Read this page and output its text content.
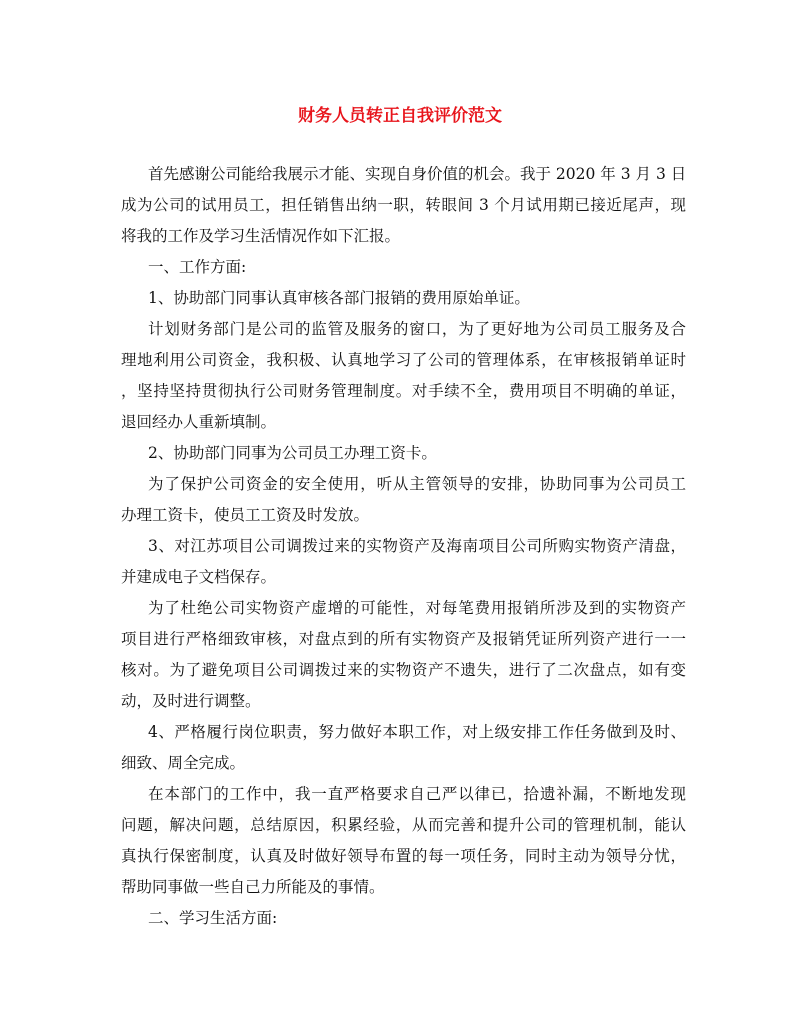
财务人员转正自我评价范文
首先感谢公司能给我展示才能、实现自身价值的机会。我于 2020 年 3 月 3 日
成为公司的试用员工，担任销售出纳一职，转眼间 3 个月试用期已接近尾声，现
将我的工作及学习生活情况作如下汇报。
一、工作方面:
1、协助部门同事认真审核各部门报销的费用原始单证。
计划财务部门是公司的监管及服务的窗口，为了更好地为公司员工服务及合
理地利用公司资金，我积极、认真地学习了公司的管理体系，在审核报销单证时
，坚持坚持贯彻执行公司财务管理制度。对手续不全，费用项目不明确的单证，
退回经办人重新填制。
2、协助部门同事为公司员工办理工资卡。
为了保护公司资金的安全使用，听从主管领导的安排，协助同事为公司员工
办理工资卡，使员工工资及时发放。
3、对江苏项目公司调拨过来的实物资产及海南项目公司所购实物资产清盘，
并建成电子文档保存。
为了杜绝公司实物资产虚增的可能性，对每笔费用报销所涉及到的实物资产
项目进行严格细致审核，对盘点到的所有实物资产及报销凭证所列资产进行一一
核对。为了避免项目公司调拨过来的实物资产不遗失，进行了二次盘点，如有变
动，及时进行调整。
4、严格履行岗位职责，努力做好本职工作，对上级安排工作任务做到及时、
细致、周全完成。
在本部门的工作中，我一直严格要求自己严以律已，拾遗补漏，不断地发现
问题，解决问题，总结原因，积累经验，从而完善和提升公司的管理机制，能认
真执行保密制度，认真及时做好领导布置的每一项任务，同时主动为领导分忧，
帮助同事做一些自己力所能及的事情。
二、学习生活方面:
